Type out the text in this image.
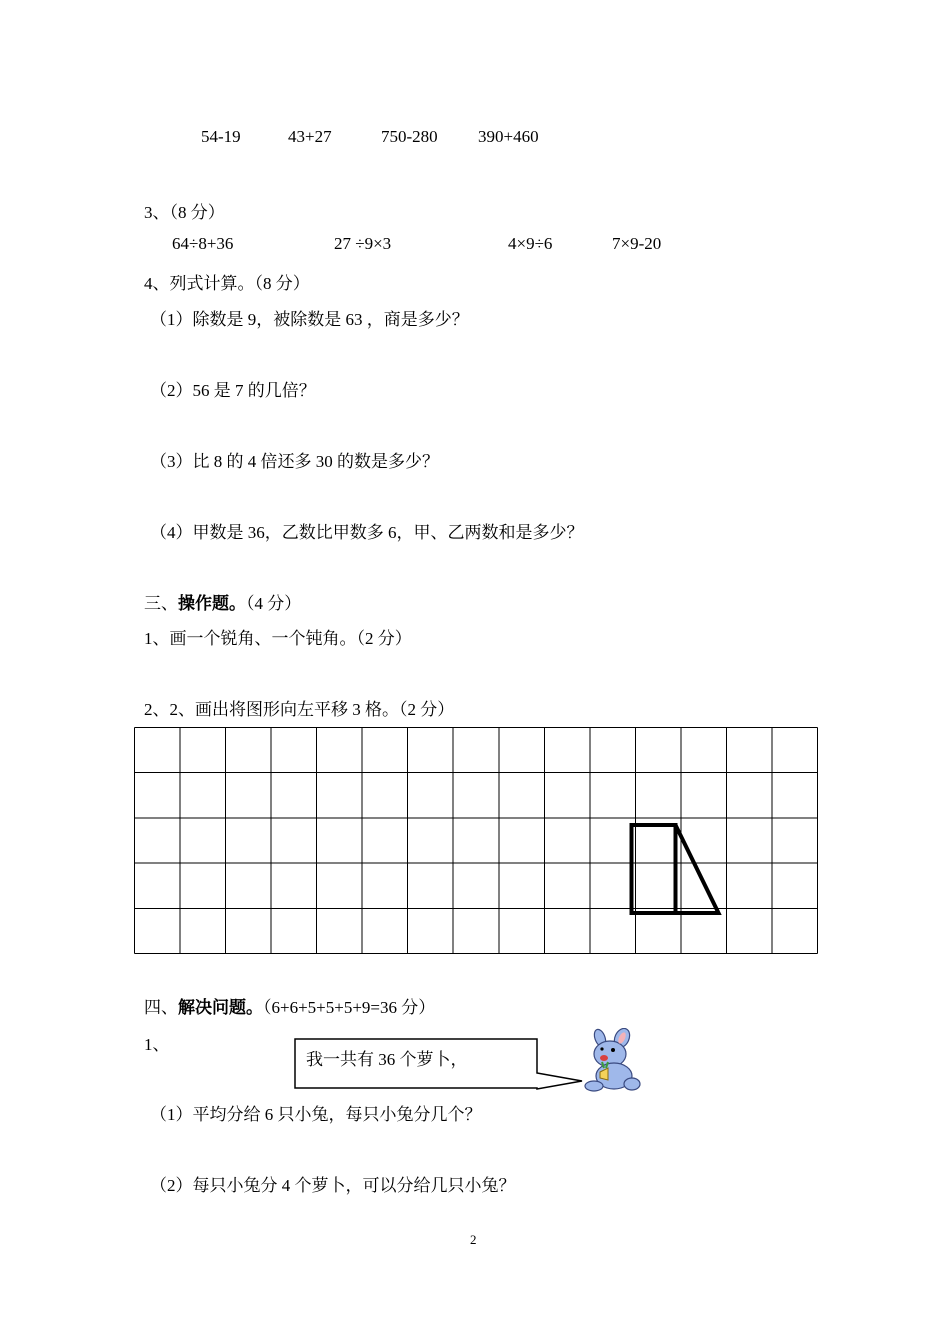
54-19	43+27	750-280 390+460
3、（8 分）
64÷8+36	27 ÷9×3	4×9÷6	7×9-20
4、列式计算。（8 分）
（1）除数是 9，被除数是 63 ，商是多少？
（2）56 是 7 的几倍？
（3）比 8 的 4 倍还多 30 的数是多少？
（4）甲数是 36，乙数比甲数多 6，甲、乙两数和是多少？
三、操作题。（4 分）
1、画一个锐角、一个钝角。（2 分）
2、2、画出将图形向左平移 3 格。（2 分）
四、解决问题。（6+6+5+5+5+9=36 分）
1、
我一共有 36 个萝卜，
（1）平均分给 6 只小兔，每只小兔分几个？
（2）每只小兔分 4 个萝卜，可以分给几只小兔？
2
